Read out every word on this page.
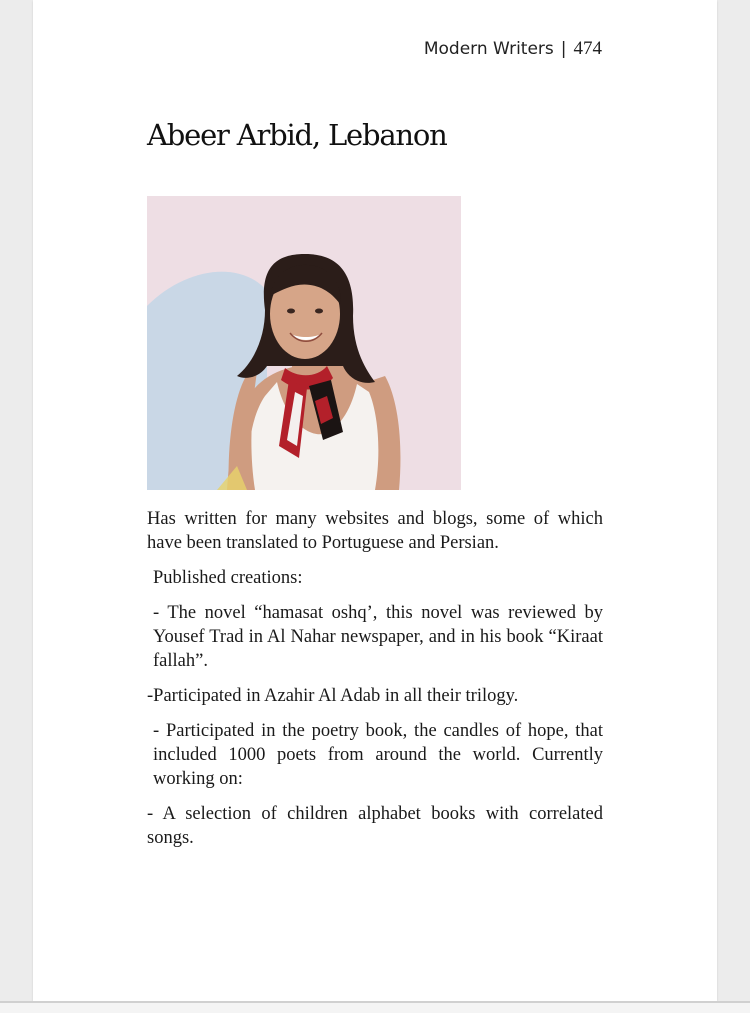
Modern Writers | 474
Abeer Arbid, Lebanon

Has written for many websites and blogs, some of which have been translated to Portuguese and Persian.

Published creations:

- The novel “hamasat oshq’, this novel was reviewed by Yousef Trad in Al Nahar newspaper, and in his book “Kiraat fallah”.

-Participated in Azahir Al Adab in all their trilogy.

- Participated in the poetry book, the candles of hope, that included 1000 poets from around the world. Currently working on:

- A selection of children alphabet books with correlated songs.
